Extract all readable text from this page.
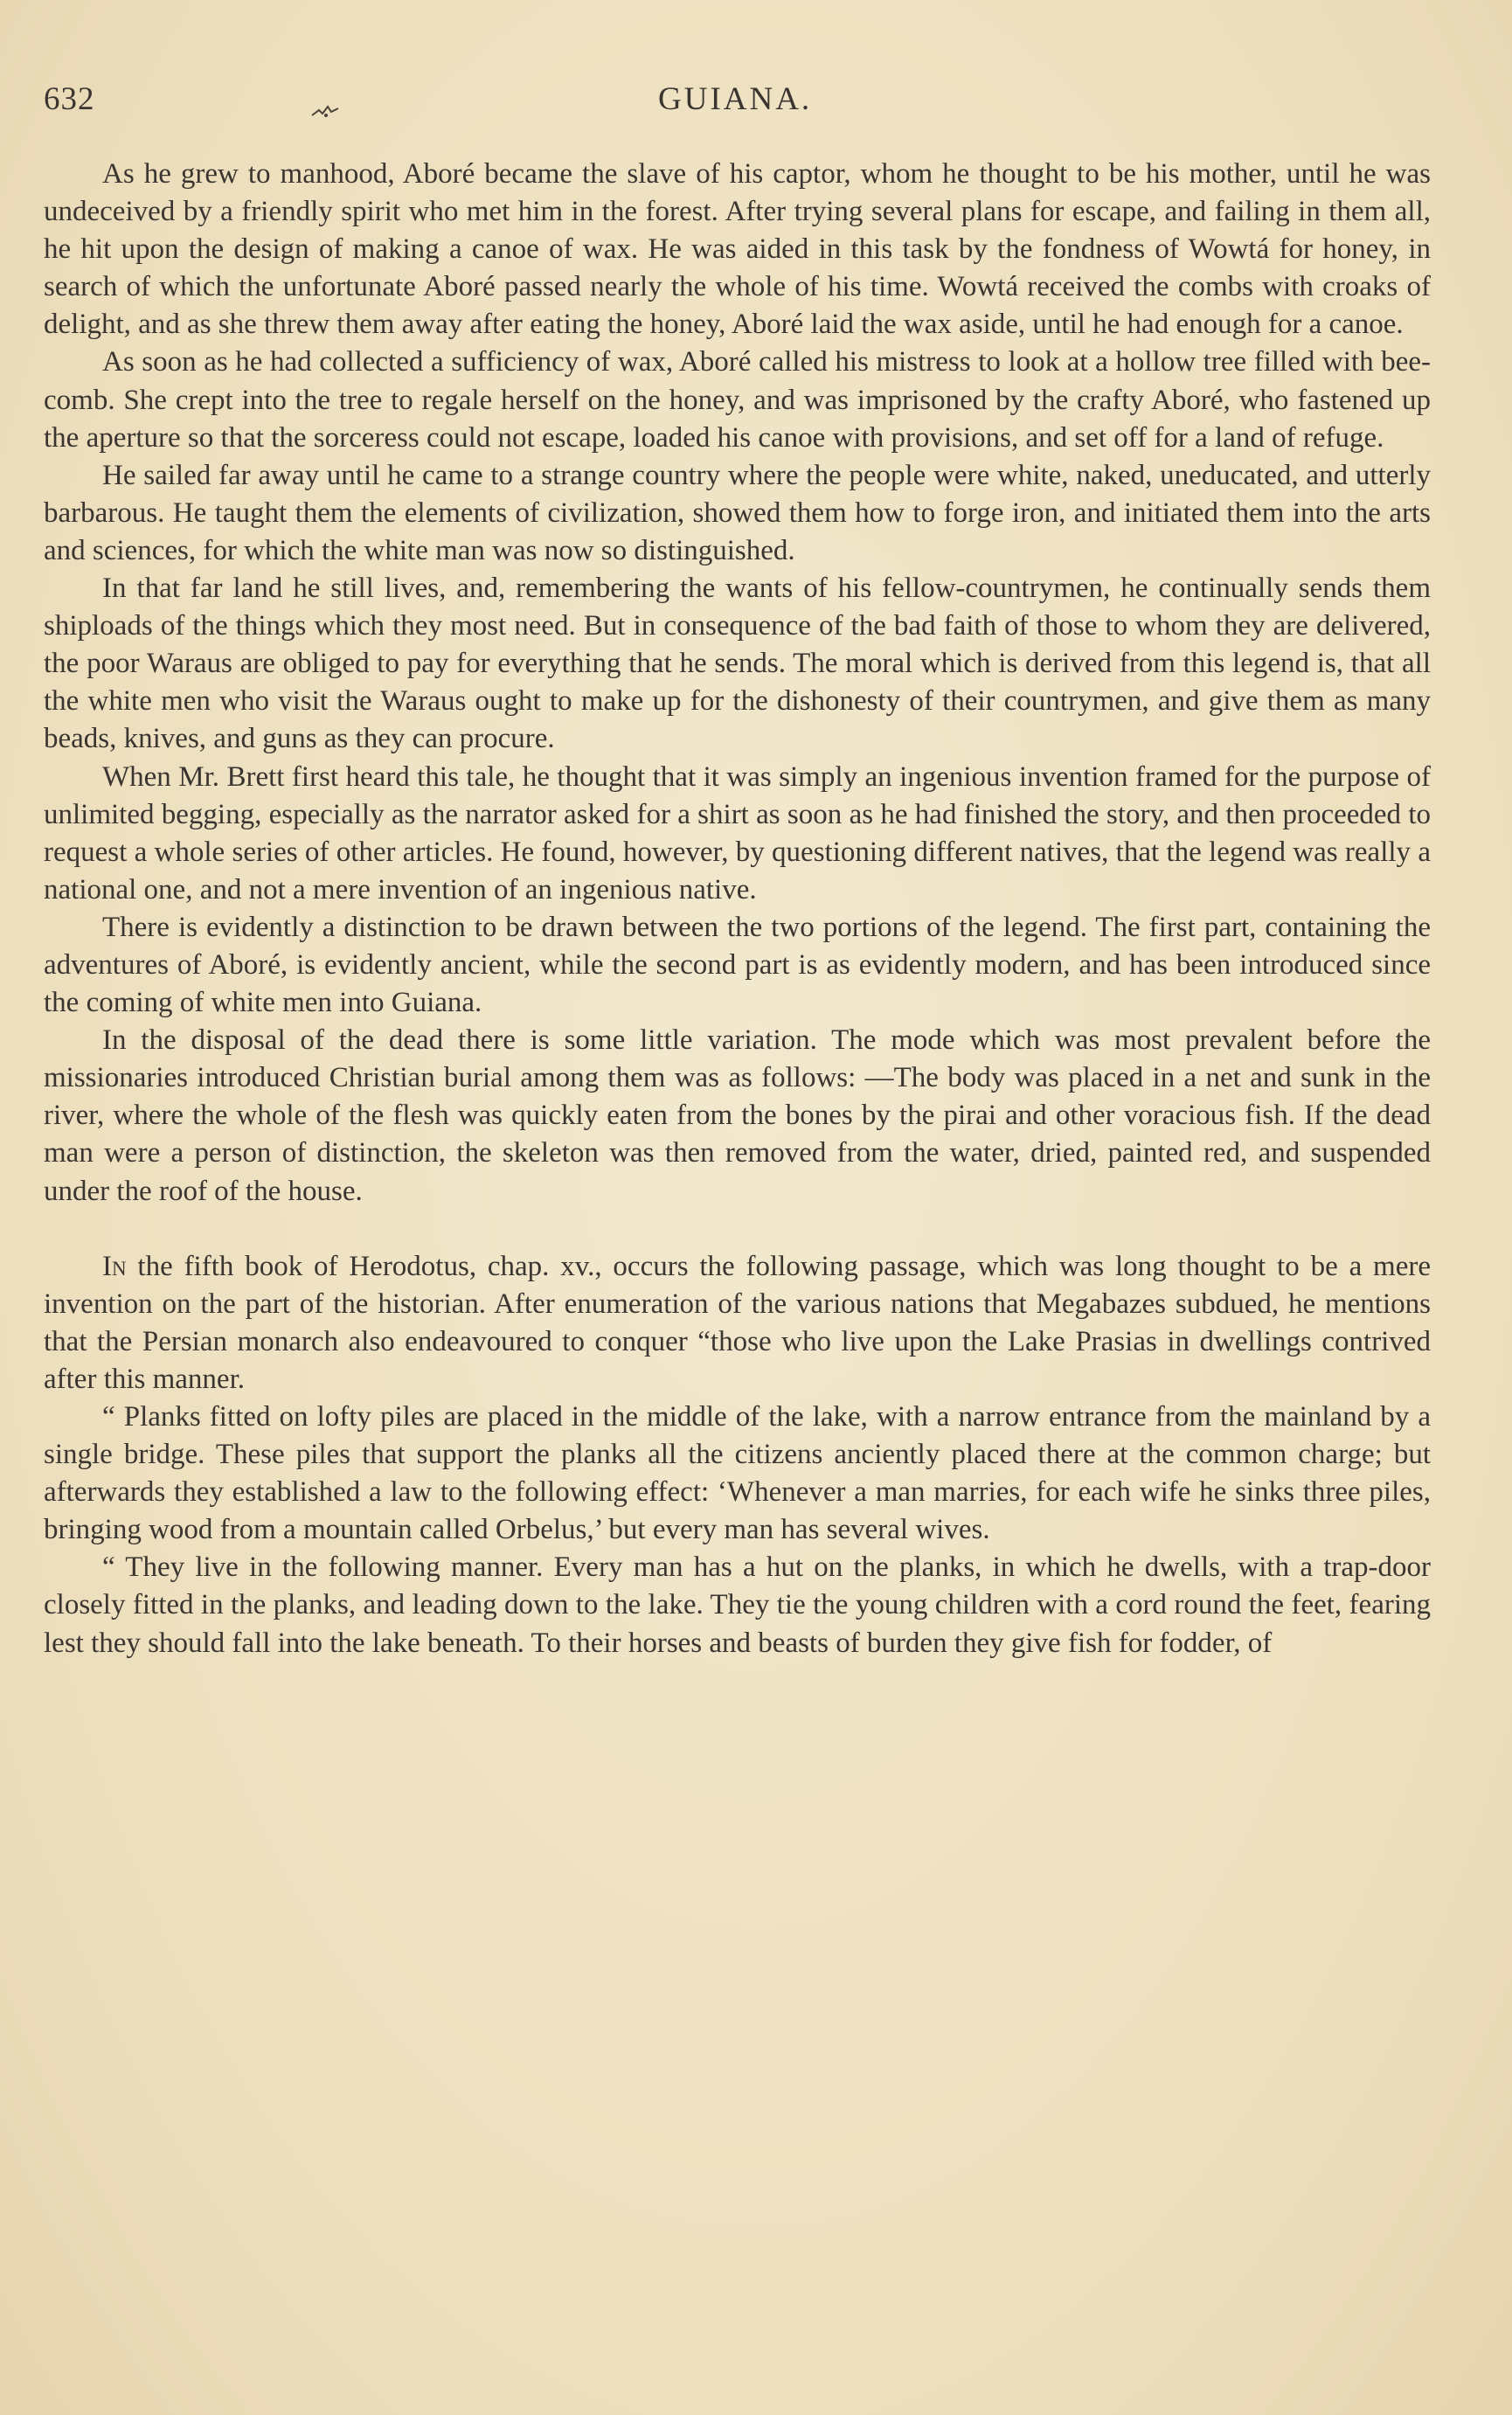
632	GUIANA.

As he grew to manhood, Aboré became the slave of his captor, whom he thought to be his mother, until he was undeceived by a friendly spirit who met him in the forest. After trying several plans for escape, and failing in them all, he hit upon the design of making a canoe of wax. He was aided in this task by the fondness of Wowtá for honey, in search of which the unfortunate Aboré passed nearly the whole of his time. Wowtá received the combs with croaks of delight, and as she threw them away after eating the honey, Aboré laid the wax aside, until he had enough for a canoe.

As soon as he had collected a sufficiency of wax, Aboré called his mistress to look at a hollow tree filled with bee-comb. She crept into the tree to regale herself on the honey, and was imprisoned by the crafty Aboré, who fastened up the aperture so that the sorceress could not escape, loaded his canoe with provisions, and set off for a land of refuge.

He sailed far away until he came to a strange country where the people were white, naked, uneducated, and utterly barbarous. He taught them the elements of civilization, showed them how to forge iron, and initiated them into the arts and sciences, for which the white man was now so distinguished.

In that far land he still lives, and, remembering the wants of his fellow-countrymen, he continually sends them shiploads of the things which they most need. But in consequence of the bad faith of those to whom they are delivered, the poor Waraus are obliged to pay for everything that he sends. The moral which is derived from this legend is, that all the white men who visit the Waraus ought to make up for the dishonesty of their countrymen, and give them as many beads, knives, and guns as they can procure.

When Mr. Brett first heard this tale, he thought that it was simply an ingenious invention framed for the purpose of unlimited begging, especially as the narrator asked for a shirt as soon as he had finished the story, and then proceeded to request a whole series of other articles. He found, however, by questioning different natives, that the legend was really a national one, and not a mere invention of an ingenious native.

There is evidently a distinction to be drawn between the two portions of the legend. The first part, containing the adventures of Aboré, is evidently ancient, while the second part is as evidently modern, and has been introduced since the coming of white men into Guiana.

In the disposal of the dead there is some little variation. The mode which was most prevalent before the missionaries introduced Christian burial among them was as follows: —The body was placed in a net and sunk in the river, where the whole of the flesh was quickly eaten from the bones by the pirai and other voracious fish. If the dead man were a person of distinction, the skeleton was then removed from the water, dried, painted red, and suspended under the roof of the house.

In the fifth book of Herodotus, chap. xv., occurs the following passage, which was long thought to be a mere invention on the part of the historian. After enumeration of the various nations that Megabazes subdued, he mentions that the Persian monarch also endeavoured to conquer “those who live upon the Lake Prasias in dwellings contrived after this manner.

“ Planks fitted on lofty piles are placed in the middle of the lake, with a narrow entrance from the mainland by a single bridge. These piles that support the planks all the citizens anciently placed there at the common charge; but afterwards they established a law to the following effect: ‘Whenever a man marries, for each wife he sinks three piles, bringing wood from a mountain called Orbelus,’ but every man has several wives.

“ They live in the following manner. Every man has a hut on the planks, in which he dwells, with a trap-door closely fitted in the planks, and leading down to the lake. They tie the young children with a cord round the feet, fearing lest they should fall into the lake beneath. To their horses and beasts of burden they give fish for fodder, of
